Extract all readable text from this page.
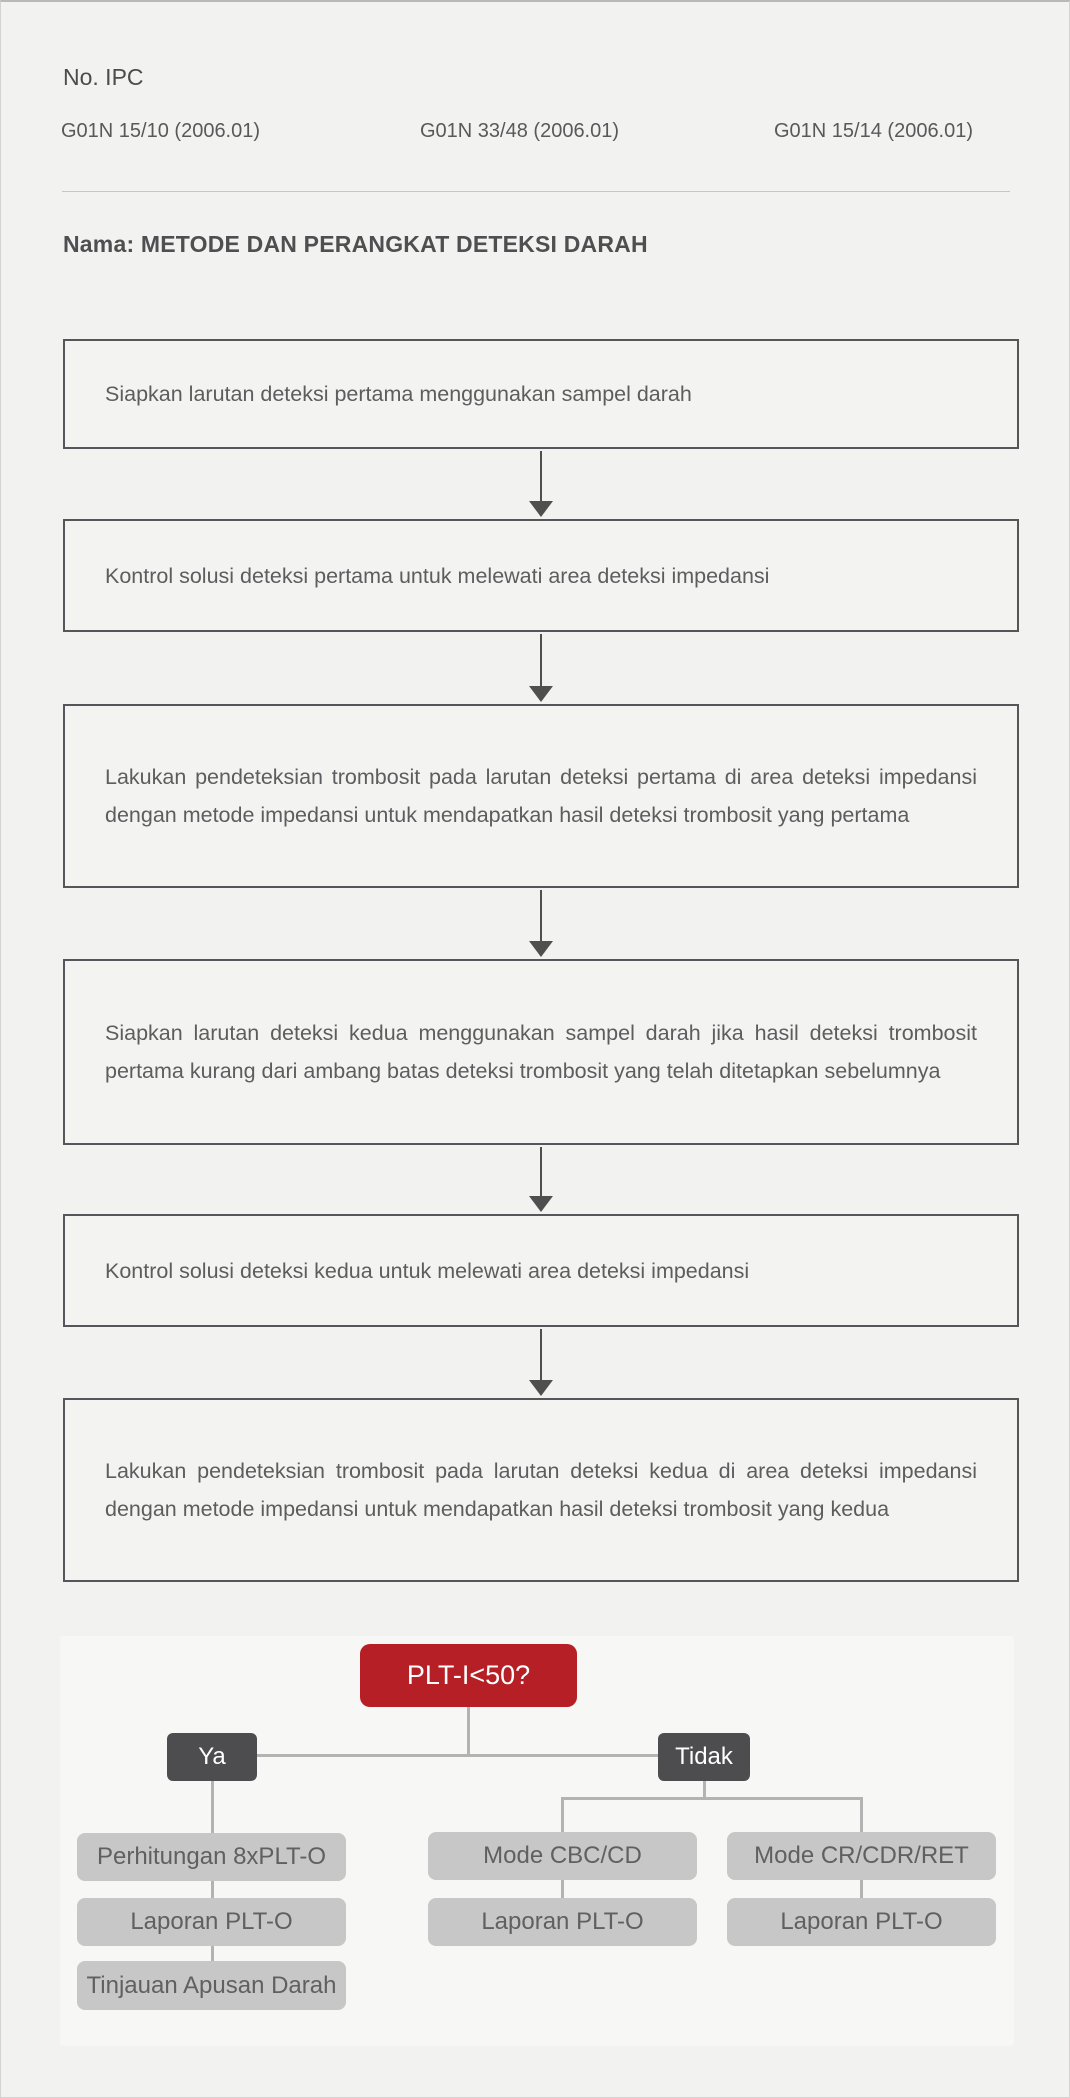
No. IPC
G01N 15/10 (2006.01)	G01N 33/48 (2006.01)	G01N 15/14 (2006.01)
Nama: METODE DAN PERANGKAT DETEKSI DARAH
Siapkan larutan deteksi pertama menggunakan sampel darah
Kontrol solusi deteksi pertama untuk melewati area deteksi impedansi
Lakukan pendeteksian trombosit pada larutan deteksi pertama di area deteksi impedansi dengan metode impedansi untuk mendapatkan hasil deteksi trombosit yang pertama
Siapkan larutan deteksi kedua menggunakan sampel darah jika hasil deteksi trombosit pertama kurang dari ambang batas deteksi trombosit yang telah ditetapkan sebelumnya
Kontrol solusi deteksi kedua untuk melewati area deteksi impedansi
Lakukan pendeteksian trombosit pada larutan deteksi kedua di area deteksi impedansi dengan metode impedansi untuk mendapatkan hasil deteksi trombosit yang kedua
PLT-I<50?
Ya	Tidak
Perhitungan 8xPLT-O
Laporan PLT-O
Tinjauan Apusan Darah
Mode CBC/CD
Laporan PLT-O
Mode CR/CDR/RET
Laporan PLT-O
